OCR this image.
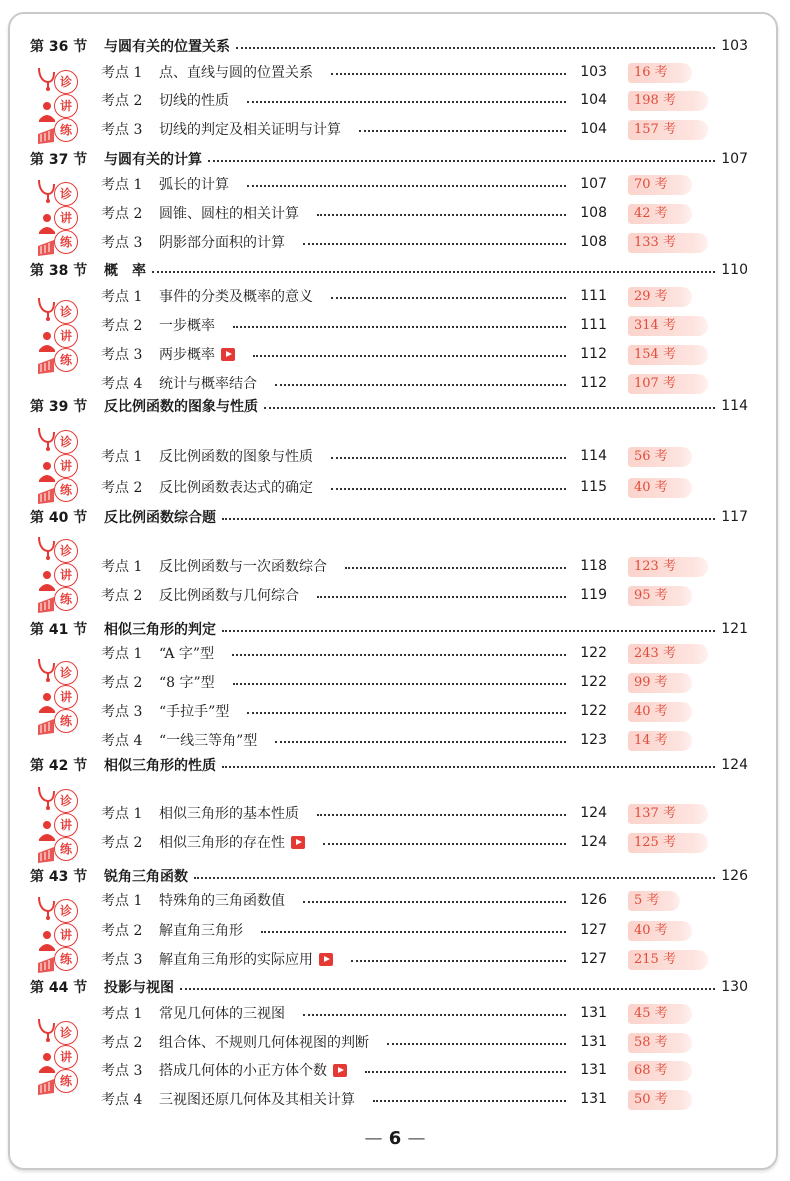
第 36 节	与圆有关的位置关系	103
诊
讲
练
考点 1	点、直线与圆的位置关系	103	16 考
考点 2	切线的性质	104	198 考
考点 3	切线的判定及相关证明与计算	104	157 考
第 37 节	与圆有关的计算	107
诊
讲
练
考点 1	弧长的计算	107	70 考
考点 2	圆锥、圆柱的相关计算	108	42 考
考点 3	阴影部分面积的计算	108	133 考
第 38 节	概　率	110
诊
讲
练
考点 1	事件的分类及概率的意义	111	29 考
考点 2	一步概率	111	314 考
考点 3	两步概率	112	154 考
考点 4	统计与概率结合	112	107 考
第 39 节	反比例函数的图象与性质	114
诊
讲
练
考点 1	反比例函数的图象与性质	114	56 考
考点 2	反比例函数表达式的确定	115	40 考
第 40 节	反比例函数综合题	117
诊
讲
练
考点 1	反比例函数与一次函数综合	118	123 考
考点 2	反比例函数与几何综合	119	95 考
第 41 节	相似三角形的判定	121
诊
讲
练
考点 1	“A 字”型	122	243 考
考点 2	“8 字”型	122	99 考
考点 3	“手拉手”型	122	40 考
考点 4	“一线三等角”型	123	14 考
第 42 节	相似三角形的性质	124
诊
讲
练
考点 1	相似三角形的基本性质	124	137 考
考点 2	相似三角形的存在性	124	125 考
第 43 节	锐角三角函数	126
诊
讲
练
考点 1	特殊角的三角函数值	126	5 考
考点 2	解直角三角形	127	40 考
考点 3	解直角三角形的实际应用	127	215 考
第 44 节	投影与视图	130
诊
讲
练
考点 1	常见几何体的三视图	131	45 考
考点 2	组合体、不规则几何体视图的判断	131	58 考
考点 3	搭成几何体的小正方体个数	131	68 考
考点 4	三视图还原几何体及其相关计算	131	50 考
— 6 —
